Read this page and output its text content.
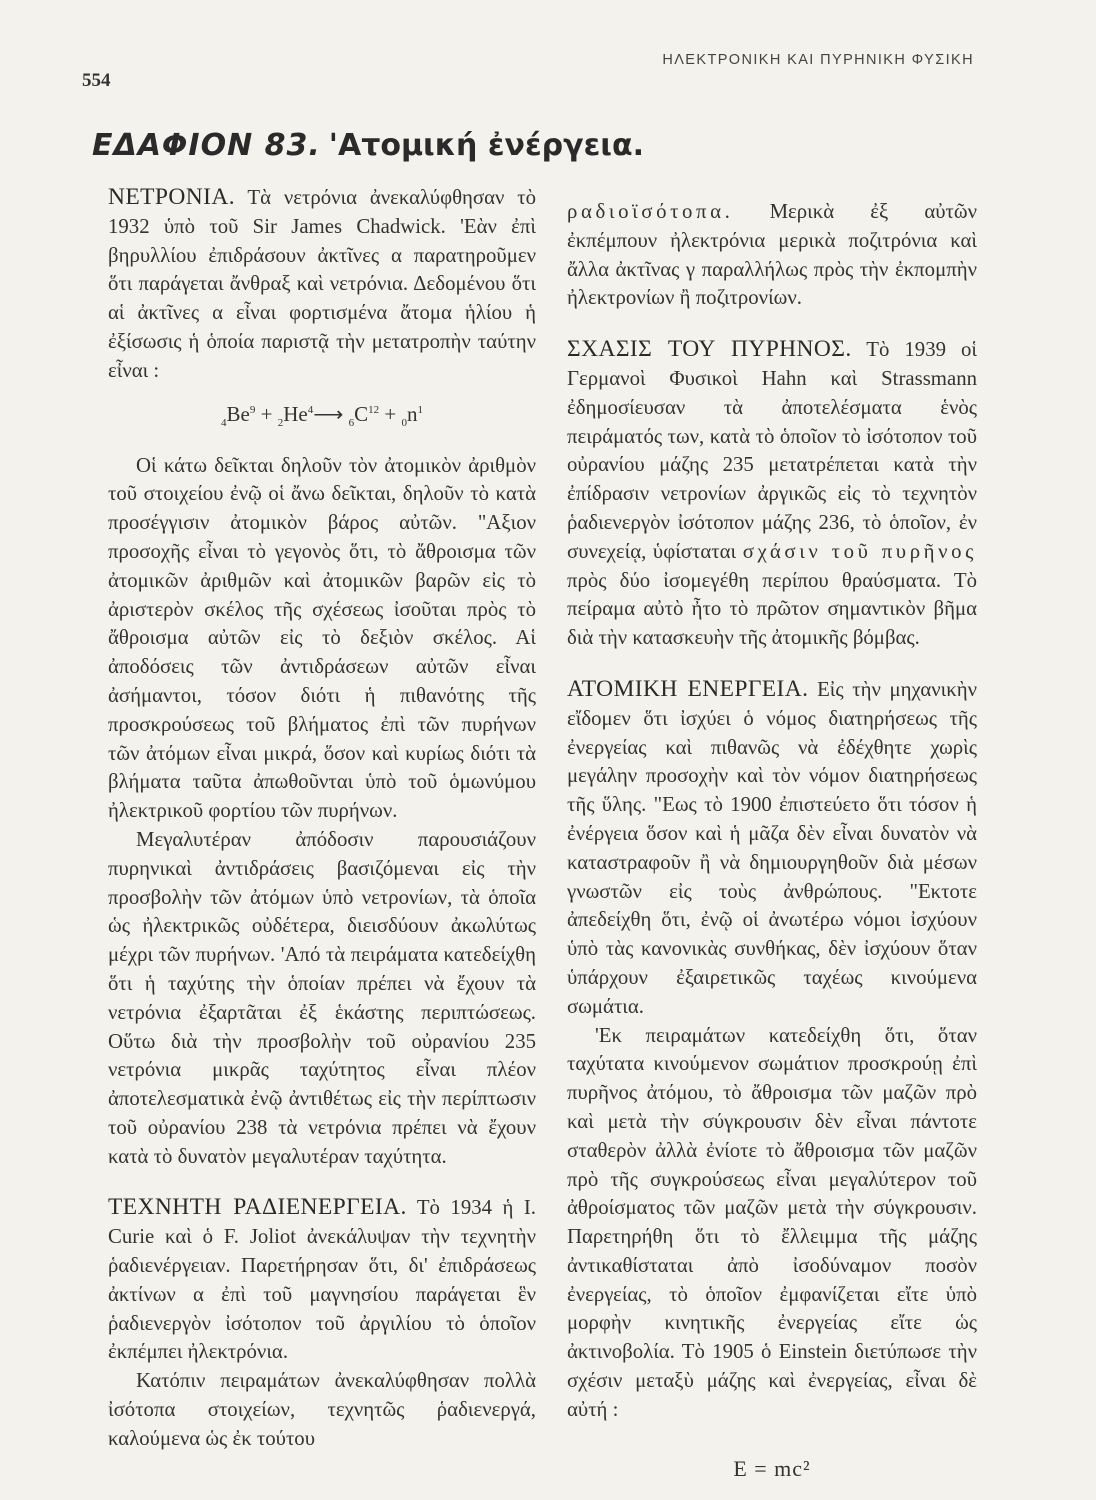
554
ΗΛΕΚΤΡΟΝΙΚΗ ΚΑΙ ΠΥΡΗΝΙΚΗ ΦΥΣΙΚΗ
ΕΔΑΦΙΟΝ 83. 'Ατομική ἐνέργεια.

ΝΕΤΡΟΝΙΑ. Τὰ νετρόνια ἀνεκαλύφθησαν τὸ 1932 ὑπὸ τοῦ Sir James Chadwick. 'Εὰν ἐπὶ βηρυλλίου ἐπιδράσουν ἀκτῖνες α παρατηροῦμεν ὅτι παράγεται ἄνθραξ καὶ νετρόνια. Δεδομένου ὅτι αἱ ἀκτῖνες α εἶναι φορτισμένα ἄτομα ἡλίου ἡ ἐξίσωσις ἡ ὁποία παριστᾷ τὴν μετατροπὴν ταύτην εἶναι :

$_4Be^9$ + $_2He^4⟶$ $_6C^{12} + _0n^1$

Οἱ κάτω δεῖκται δηλοῦν τὸν ἀτομικὸν ἀριθμὸν τοῦ στοιχείου ἐνῷ οἱ ἄνω δεῖκται, δηλοῦν τὸ κατὰ προσέγγισιν ἀτομικὸν βάρος αὐτῶν. "Αξιον προσοχῆς εἶναι τὸ γεγονὸς ὅτι, τὸ ἄθροισμα τῶν ἀτομικῶν ἀριθμῶν καὶ ἀτομικῶν βαρῶν εἰς τὸ ἀριστερὸν σκέλος τῆς σχέσεως ἰσοῦται πρὸς τὸ ἄθροισμα αὐτῶν εἰς τὸ δεξιὸν σκέλος. Αἱ ἀποδόσεις τῶν ἀντιδράσεων αὐτῶν εἶναι ἀσήμαντοι, τόσον διότι ἡ πιθανότης τῆς προσκρούσεως τοῦ βλήματος ἐπὶ τῶν πυρήνων τῶν ἀτόμων εἶναι μικρά, ὅσον καὶ κυρίως διότι τὰ βλήματα ταῦτα ἀπωθοῦνται ὑπὸ τοῦ ὁμωνύμου ἠλεκτρικοῦ φορτίου τῶν πυρήνων.

Μεγαλυτέραν ἀπόδοσιν παρουσιάζουν πυρηνικαὶ ἀντιδράσεις βασιζόμεναι εἰς τὴν προσβολὴν τῶν ἀτόμων ὑπὸ νετρονίων, τὰ ὁποῖα ὡς ἠλεκτρικῶς οὐδέτερα, διεισδύουν ἀκωλύτως μέχρι τῶν πυρήνων. 'Από τὰ πειράματα κατεδείχθη ὅτι ἡ ταχύτης τὴν ὁποίαν πρέπει νὰ ἔχουν τὰ νετρόνια ἐξαρτᾶται ἐξ ἑκάστης περιπτώσεως. Οὕτω διὰ τὴν προσβολὴν τοῦ οὐρανίου 235 νετρόνια μικρᾶς ταχύτητος εἶναι πλέον ἀποτελεσματικὰ ἐνῷ ἀντιθέτως εἰς τὴν περίπτωσιν τοῦ οὐρανίου 238 τὰ νετρόνια πρέπει νὰ ἔχουν κατὰ τὸ δυνατὸν μεγαλυτέραν ταχύτητα.

ΤΕΧΝΗΤΗ ΡΑΔΙΕΝΕΡΓΕΙΑ. Τὸ 1934 ἡ I. Curie καὶ ὁ F. Joliot ἀνεκάλυψαν τὴν τεχνητὴν ῥαδιενέργειαν. Παρετήρησαν ὅτι, δι' ἐπιδράσεως ἀκτίνων α ἐπὶ τοῦ μαγνησίου παράγεται ἓν ῥαδιενεργὸν ἰσότοπον τοῦ ἀργιλίου τὸ ὁποῖον ἐκπέμπει ἠλεκτρόνια.

Κατόπιν πειραμάτων ἀνεκαλύφθησαν πολλὰ ἰσότοπα στοιχείων, τεχνητῶς ῥαδιενεργά, καλούμενα ὡς ἐκ τούτου

ραδιοϊσότοπα. Μερικὰ ἐξ αὐτῶν ἐκπέμπουν ἠλεκτρόνια μερικὰ ποζιτρόνια καὶ ἄλλα ἀκτῖνας γ παραλλήλως πρὸς τὴν ἐκπομπὴν ἠλεκτρονίων ἢ ποζιτρονίων.

ΣΧΑΣΙΣ ΤΟΥ ΠΥΡΗΝΟΣ. Τὸ 1939 οἱ Γερμανοὶ Φυσικοὶ Hahn καὶ Strassmann ἐδημοσίευσαν τὰ ἀποτελέσματα ἑνὸς πειράματός των, κατὰ τὸ ὁποῖον τὸ ἰσότοπον τοῦ οὐρανίου μάζης 235 μετατρέπεται κατὰ τὴν ἐπίδρασιν νετρονίων ἀργικῶς εἰς τὸ τεχνητὸν ῥαδιενεργὸν ἰσότοπον μάζης 236, τὸ ὁποῖον, ἐν συνεχείᾳ, ὑφίσταται σχάσιν τοῦ πυρῆνος πρὸς δύο ἰσομεγέθη περίπου θραύσματα. Τὸ πείραμα αὐτὸ ἦτο τὸ πρῶτον σημαντικὸν βῆμα διὰ τὴν κατασκευὴν τῆς ἀτομικῆς βόμβας.

ΑΤΟΜΙΚΗ ΕΝΕΡΓΕΙΑ. Εἰς τὴν μηχανικὴν εἴδομεν ὅτι ἰσχύει ὁ νόμος διατηρήσεως τῆς ἐνεργείας καὶ πιθανῶς νὰ ἐδέχθητε χωρὶς μεγάλην προσοχὴν καὶ τὸν νόμον διατηρήσεως τῆς ὕλης. "Εως τὸ 1900 ἐπιστεύετο ὅτι τόσον ἡ ἐνέργεια ὅσον καὶ ἡ μᾶζα δὲν εἶναι δυνατὸν νὰ καταστραφοῦν ἢ νὰ δημιουργηθοῦν διὰ μέσων γνωστῶν εἰς τοὺς ἀνθρώπους. "Εκτοτε ἀπεδείχθη ὅτι, ἐνῷ οἱ ἀνωτέρω νόμοι ἰσχύουν ὑπὸ τὰς κανονικὰς συνθήκας, δὲν ἰσχύουν ὅταν ὑπάρχουν ἐξαιρετικῶς ταχέως κινούμενα σωμάτια.

'Εκ πειραμάτων κατεδείχθη ὅτι, ὅταν ταχύτατα κινούμενον σωμάτιον προσκρούῃ ἐπὶ πυρῆνος ἀτόμου, τὸ ἄθροισμα τῶν μαζῶν πρὸ καὶ μετὰ τὴν σύγκρουσιν δὲν εἶναι πάντοτε σταθερὸν ἀλλὰ ἐνίοτε τὸ ἄθροισμα τῶν μαζῶν πρὸ τῆς συγκρούσεως εἶναι μεγαλύτερον τοῦ ἀθροίσματος τῶν μαζῶν μετὰ τὴν σύγκρουσιν. Παρετηρήθη ὅτι τὸ ἔλλειμμα τῆς μάζης ἀντικαθίσταται ἀπὸ ἰσοδύναμον ποσὸν ἐνεργείας, τὸ ὁποῖον ἐμφανίζεται εἴτε ὑπὸ μορφὴν κινητικῆς ἐνεργείας εἴτε ὡς ἀκτινοβολία. Τὸ 1905 ὁ Einstein διετύπωσε τὴν σχέσιν μεταξὺ μάζης καὶ ἐνεργείας, εἶναι δὲ αὐτή :

E = mc²
